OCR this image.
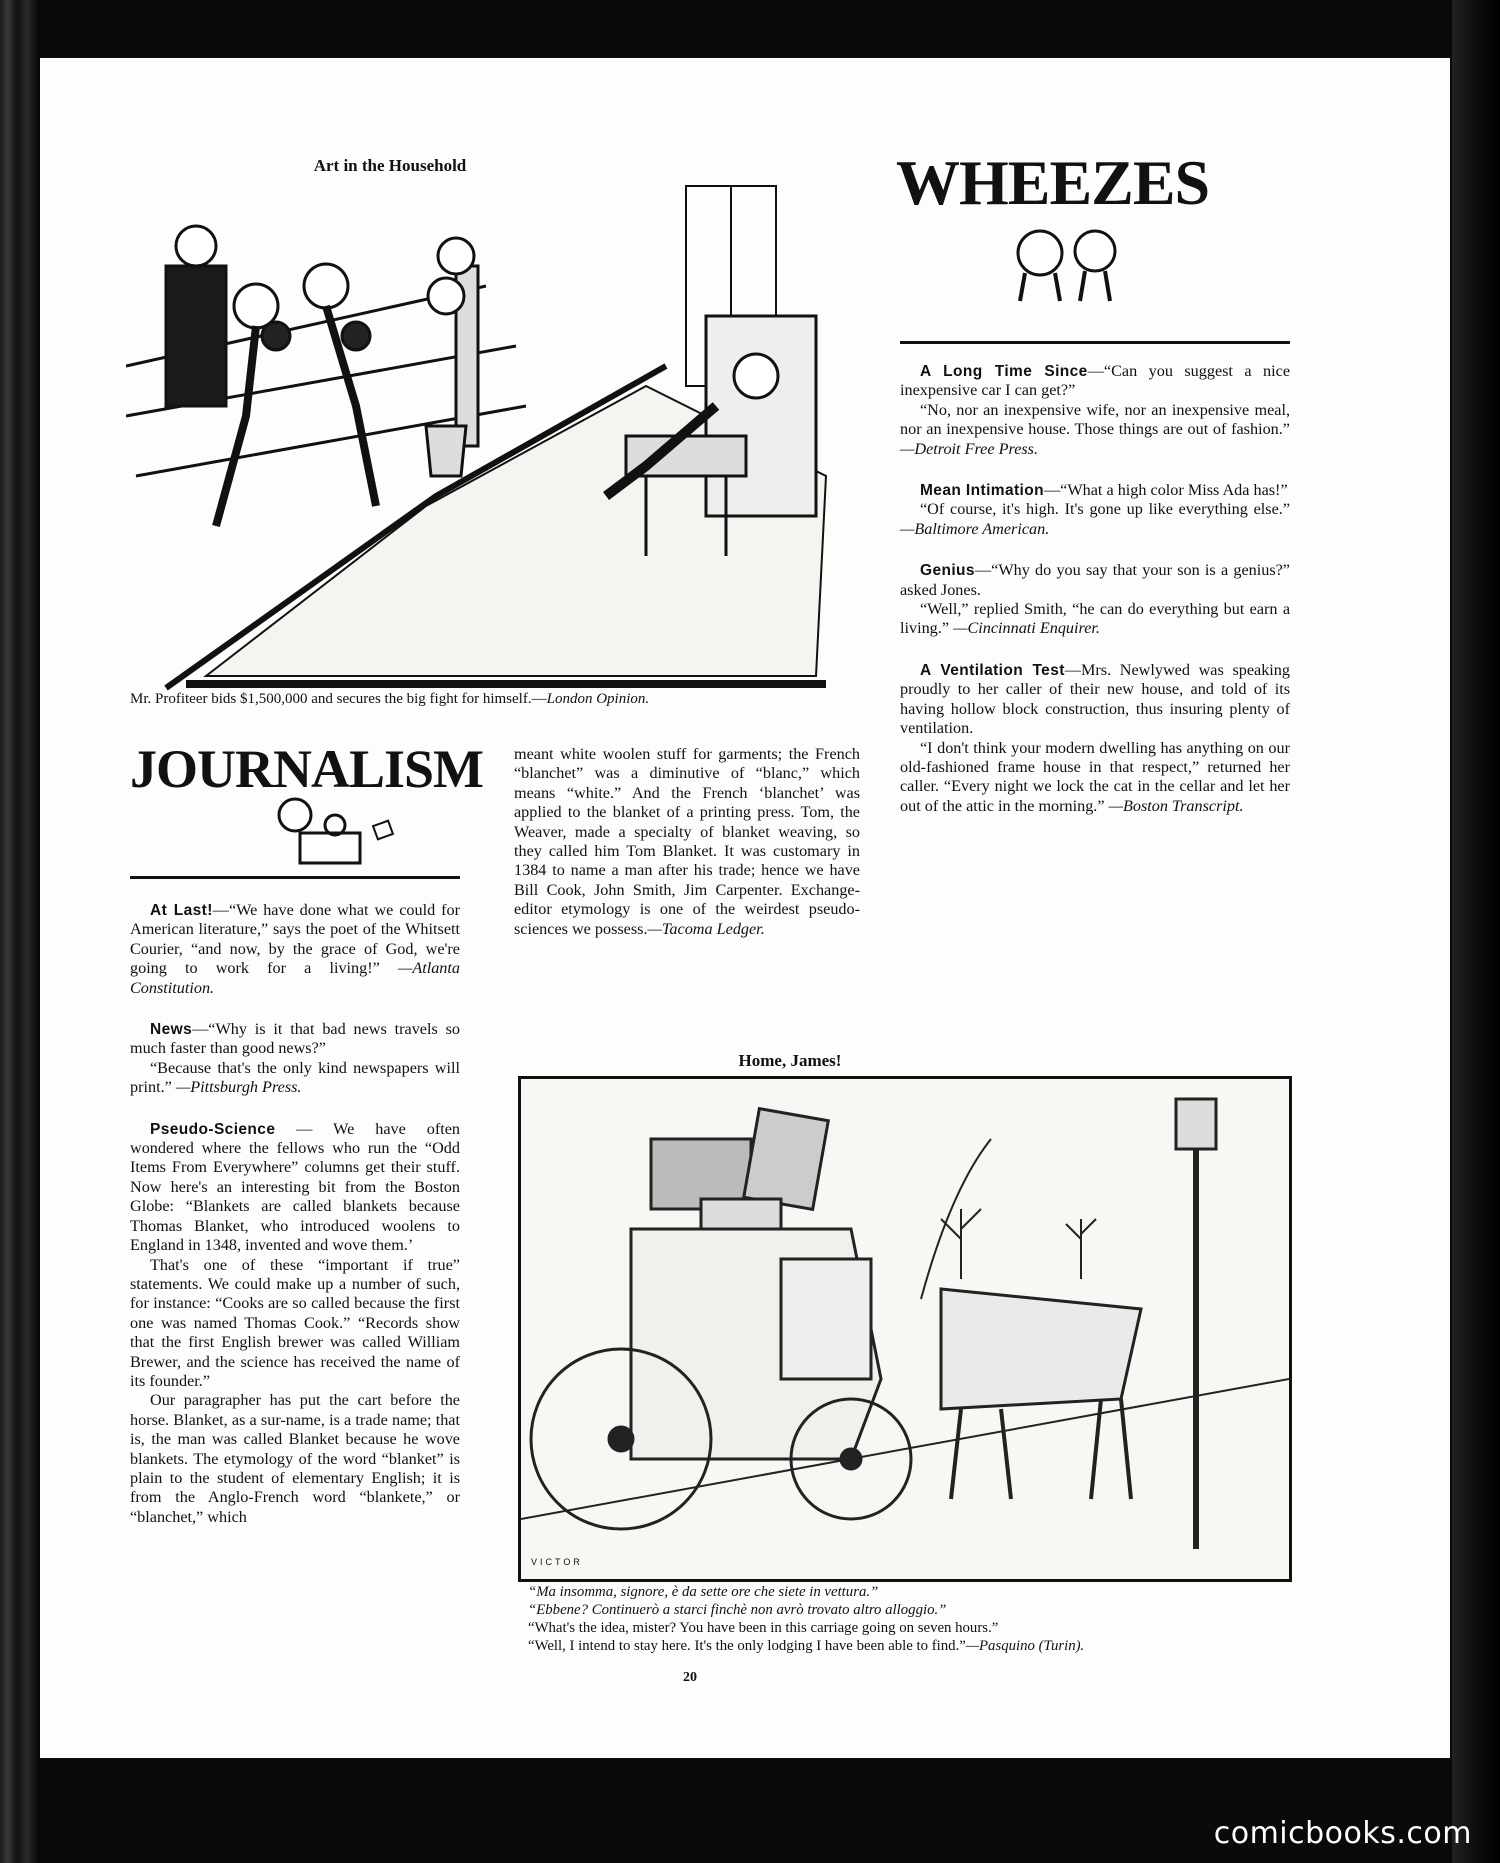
Art in the Household
Mr. Profiteer bids $1,500,000 and secures the big fight for himself.—London Opinion.
WHEEZES

A Long Time Since—“Can you suggest a nice inexpensive car I can get?”

“No, nor an inexpensive wife, nor an inexpensive meal, nor an inexpensive house. Those things are out of fashion.” —Detroit Free Press.

Mean Intimation—“What a high color Miss Ada has!”

“Of course, it's high. It's gone up like everything else.” —Baltimore American.

Genius—“Why do you say that your son is a genius?” asked Jones.

“Well,” replied Smith, “he can do everything but earn a living.” —Cincinnati Enquirer.

A Ventilation Test—Mrs. Newlywed was speaking proudly to her caller of their new house, and told of its having hollow block construction, thus insuring plenty of ventilation.

“I don't think your modern dwelling has anything on our old-fashioned frame house in that respect,” returned her caller. “Every night we lock the cat in the cellar and let her out of the attic in the morning.” —Boston Transcript.

JOURNALISM

At Last!—“We have done what we could for American literature,” says the poet of the Whitsett Courier, “and now, by the grace of God, we're going to work for a living!” —Atlanta Constitution.

News—“Why is it that bad news travels so much faster than good news?”

“Because that's the only kind newspapers will print.” —Pittsburgh Press.

Pseudo-Science — We have often wondered where the fellows who run the “Odd Items From Everywhere” columns get their stuff. Now here's an interesting bit from the Boston Globe: “Blankets are called blankets because Thomas Blanket, who introduced woolens to England in 1348, invented and wove them.’

That's one of these “important if true” statements. We could make up a number of such, for instance: “Cooks are so called because the first one was named Thomas Cook.” “Records show that the first English brewer was called William Brewer, and the science has received the name of its founder.”

Our paragrapher has put the cart before the horse. Blanket, as a sur-name, is a trade name; that is, the man was called Blanket because he wove blankets. The etymology of the word “blanket” is plain to the student of elementary English; it is from the Anglo-French word “blankete,” or “blanchet,” which

meant white woolen stuff for garments; the French “blanchet” was a diminutive of “blanc,” which means “white.” And the French ‘blanchet’ was applied to the blanket of a printing press. Tom, the Weaver, made a specialty of blanket weaving, so they called him Tom Blanket. It was customary in 1384 to name a man after his trade; hence we have Bill Cook, John Smith, Jim Carpenter. Exchange-editor etymology is one of the weirdest pseudo-sciences we possess.—Tacoma Ledger.

Home, James!
VICTOR
“Ma insomma, signore, è da sette ore che siete in vettura.”
“Ebbene? Continuerò a starci finchè non avrò trovato altro alloggio.”
“What's the idea, mister? You have been in this carriage going on seven hours.”
“Well, I intend to stay here. It's the only lodging I have been able to find.”—Pasquino (Turin).
20
comicbooks.com
